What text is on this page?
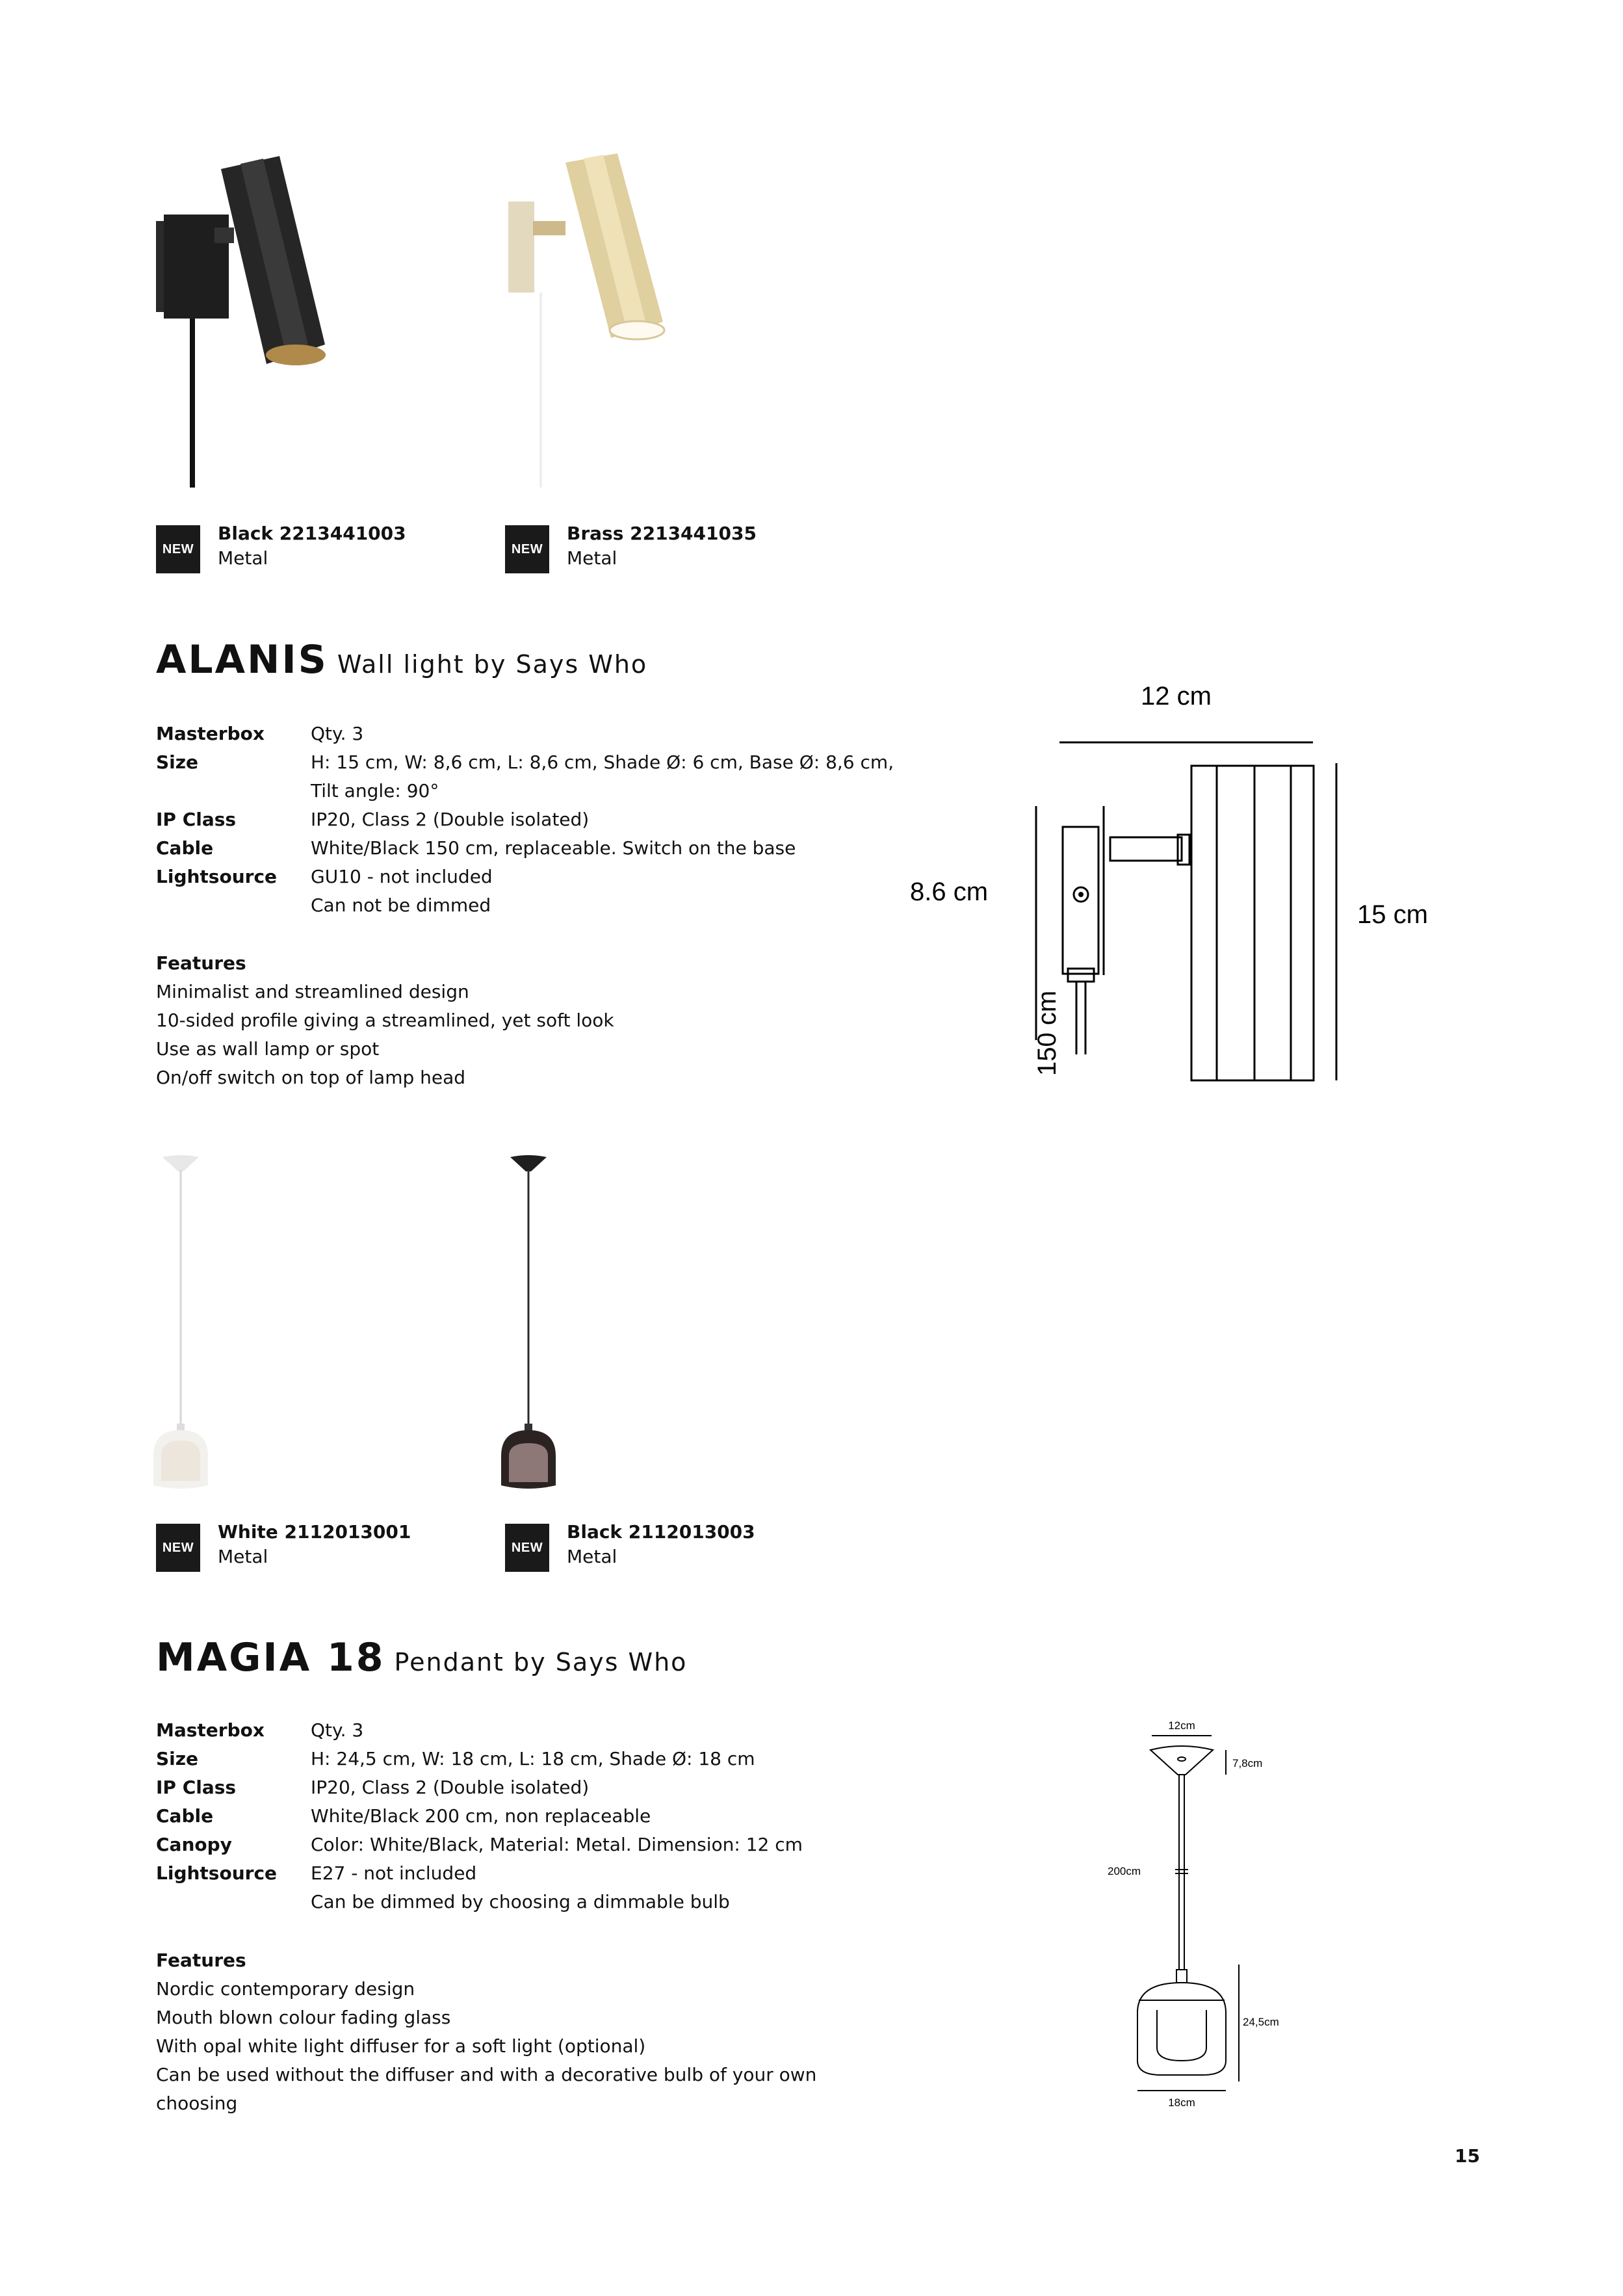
NEW
Black 2213441003
Metal	NEW
Brass 2213441035
Metal
ALANIS Wall light by Says Who
Masterbox	Qty. 3
Size	H: 15 cm, W: 8,6 cm, L: 8,6 cm, Shade Ø: 6 cm, Base Ø: 8,6 cm,
Tilt angle: 90°
IP Class	IP20, Class 2 (Double isolated)
Cable	White/Black 150 cm, replaceable. Switch on the base
Lightsource GU10 - not included
Can not be dimmed
Features
Minimalist and streamlined design
10-sided profile giving a streamlined, yet soft look
Use as wall lamp or spot
On/off switch on top of lamp head
12 cm
8.6 cm
15 cm
150 cm
NEW
White 2112013001
Metal	NEW
Black 2112013003
Metal
MAGIA 18 Pendant by Says Who
Masterbox	Qty. 3
Size	H: 24,5 cm, W: 18 cm, L: 18 cm, Shade Ø: 18 cm
IP Class	IP20, Class 2 (Double isolated)
Cable	White/Black 200 cm, non replaceable
Canopy	Color: White/Black, Material: Metal. Dimension: 12 cm
Lightsource E27 - not included
Can be dimmed by choosing a dimmable bulb
Features
Nordic contemporary design
Mouth blown colour fading glass
With opal white light diffuser for a soft light (optional)
Can be used without the diffuser and with a decorative bulb of your own
choosing
12cm
7,8cm
200cm
24,5cm
18cm
15
